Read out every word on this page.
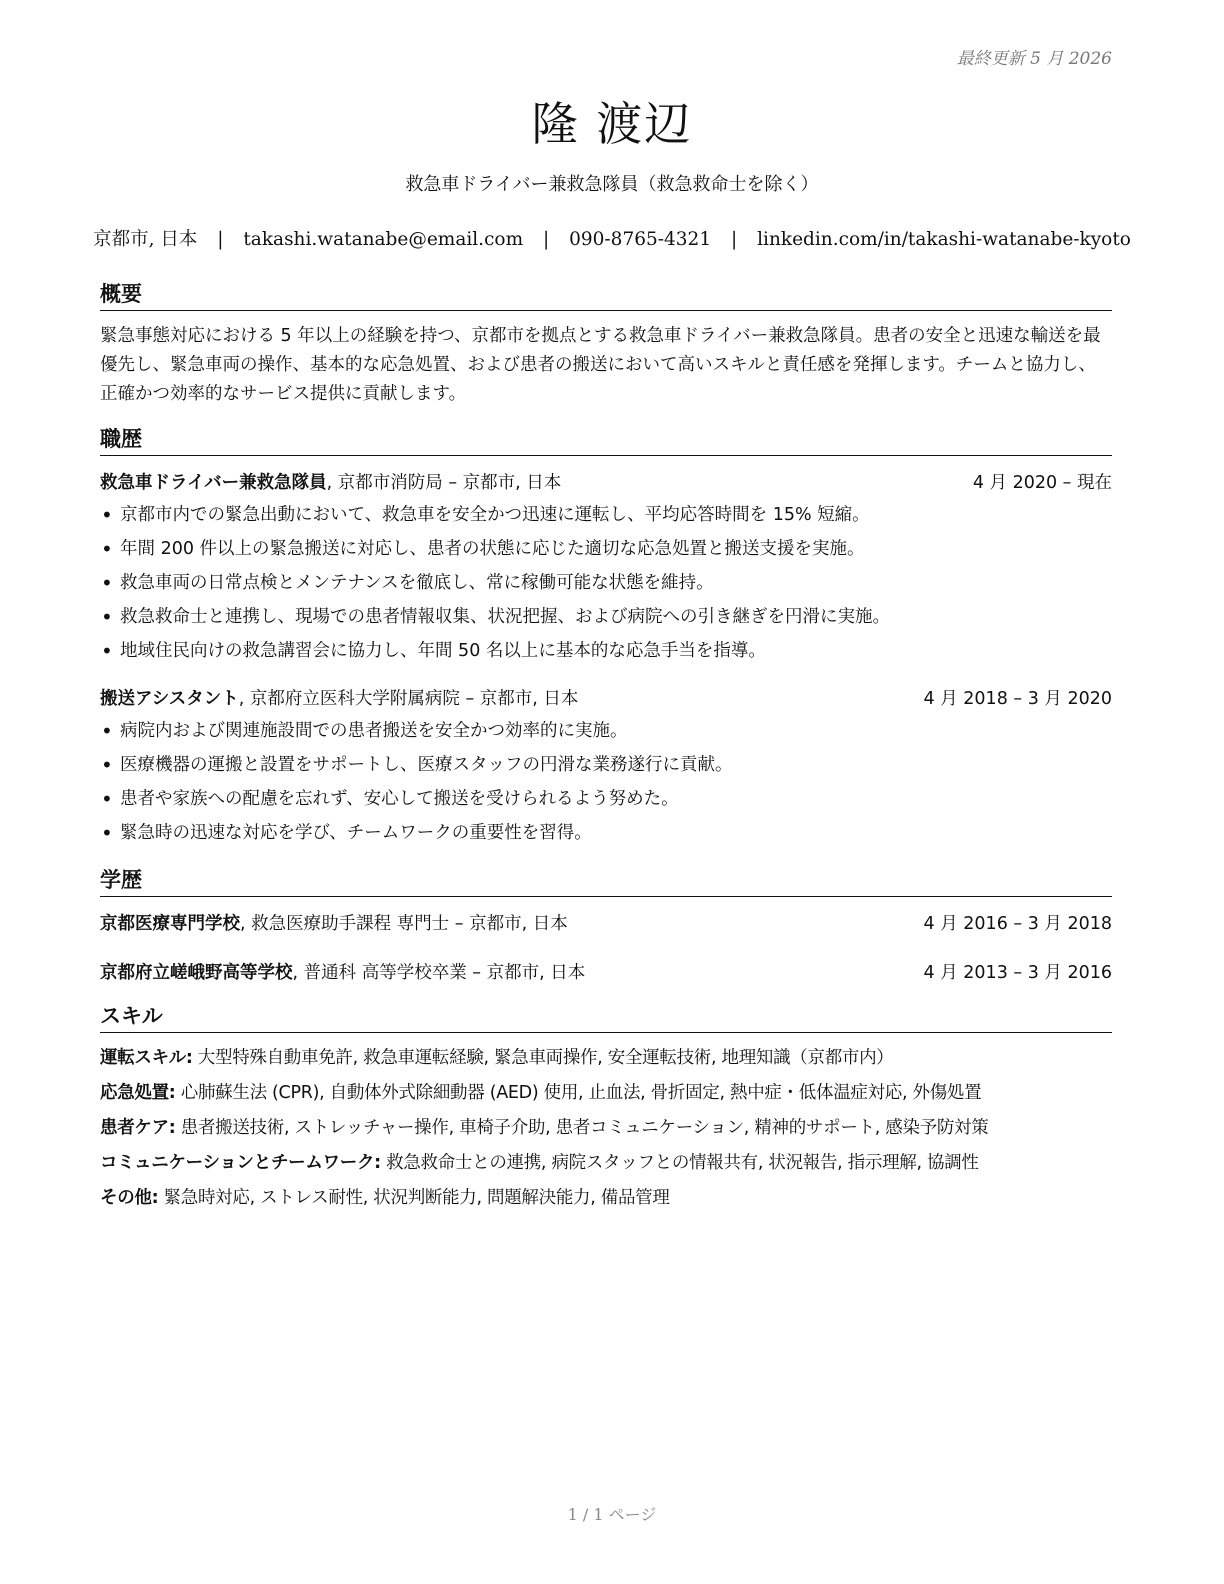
最終更新 5 月 2026
隆 渡辺
救急車ドライバー兼救急隊員（救急救命士を除く）
京都市, 日本 | takashi.watanabe@email.com | 090-8765-4321 | linkedin.com/in/takashi-watanabe-kyoto
概要

緊急事態対応における 5 年以上の経験を持つ、京都市を拠点とする救急車ドライバー兼救急隊員。患者の安全と迅速な輸送を最優先し、緊急車両の操作、基本的な応急処置、および患者の搬送において高いスキルと責任感を発揮します。チームと協力し、正確かつ効率的なサービス提供に貢献します。

職歴
救急車ドライバー兼救急隊員, 京都市消防局 – 京都市, 日本	4 月 2020 – 現在
• 京都市内での緊急出動において、救急車を安全かつ迅速に運転し、平均応答時間を 15% 短縮。
• 年間 200 件以上の緊急搬送に対応し、患者の状態に応じた適切な応急処置と搬送支援を実施。
• 救急車両の日常点検とメンテナンスを徹底し、常に稼働可能な状態を維持。
• 救急救命士と連携し、現場での患者情報収集、状況把握、および病院への引き継ぎを円滑に実施。
• 地域住民向けの救急講習会に協力し、年間 50 名以上に基本的な応急手当を指導。
搬送アシスタント, 京都府立医科大学附属病院 – 京都市, 日本	4 月 2018 – 3 月 2020
• 病院内および関連施設間での患者搬送を安全かつ効率的に実施。
• 医療機器の運搬と設置をサポートし、医療スタッフの円滑な業務遂行に貢献。
• 患者や家族への配慮を忘れず、安心して搬送を受けられるよう努めた。
• 緊急時の迅速な対応を学び、チームワークの重要性を習得。
学歴
京都医療専門学校, 救急医療助手課程 専門士 – 京都市, 日本	4 月 2016 – 3 月 2018
京都府立嵯峨野高等学校, 普通科 高等学校卒業 – 京都市, 日本	4 月 2013 – 3 月 2016
スキル
運転スキル: 大型特殊自動車免許, 救急車運転経験, 緊急車両操作, 安全運転技術, 地理知識（京都市内）
応急処置: 心肺蘇生法 (CPR), 自動体外式除細動器 (AED) 使用, 止血法, 骨折固定, 熱中症・低体温症対応, 外傷処置
患者ケア: 患者搬送技術, ストレッチャー操作, 車椅子介助, 患者コミュニケーション, 精神的サポート, 感染予防対策
コミュニケーションとチームワーク: 救急救命士との連携, 病院スタッフとの情報共有, 状況報告, 指示理解, 協調性
その他: 緊急時対応, ストレス耐性, 状況判断能力, 問題解決能力, 備品管理
1 / 1 ページ
